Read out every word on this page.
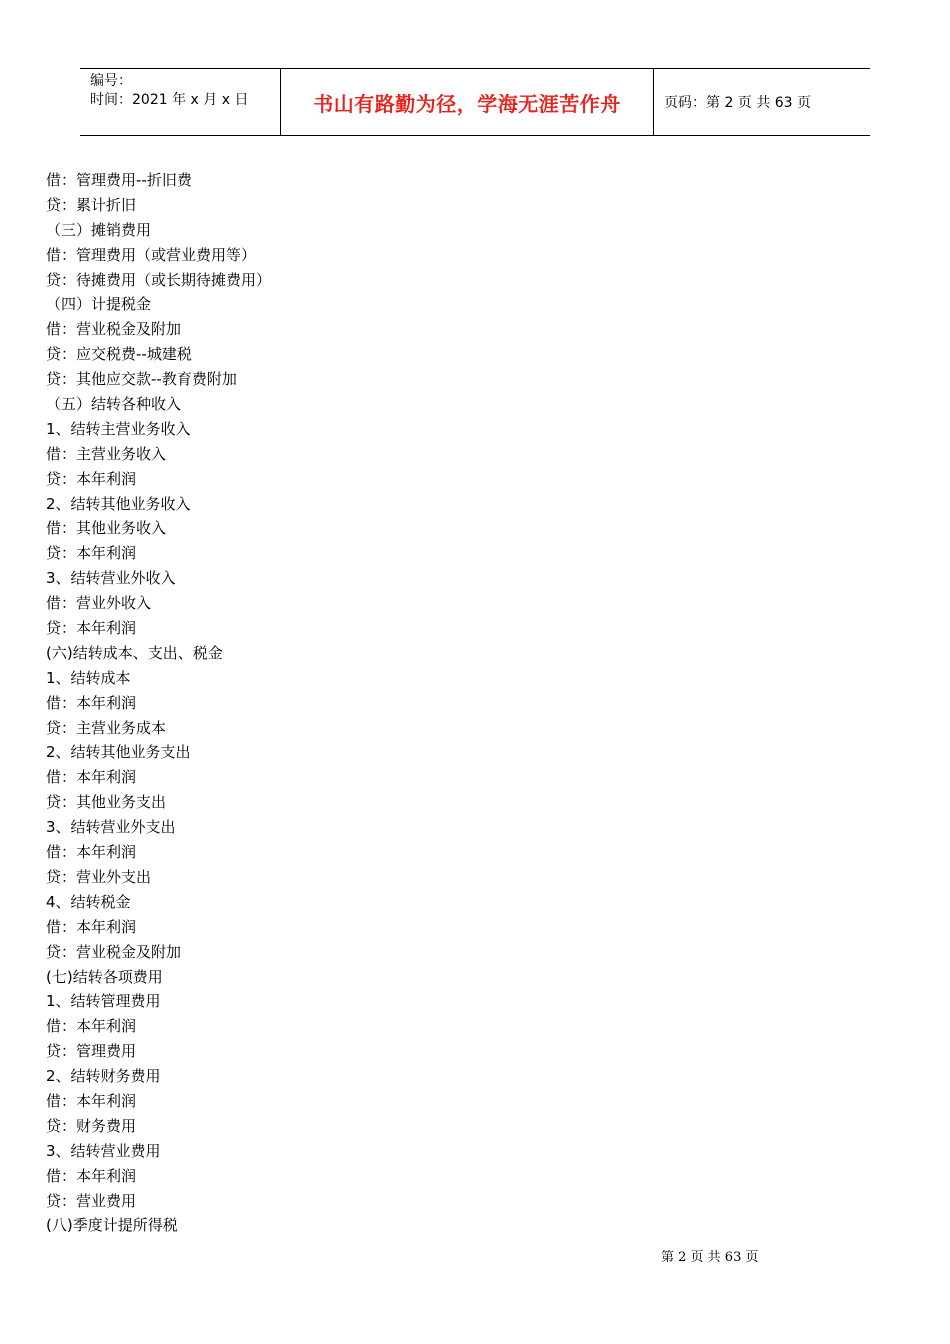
编号：
时间：2021 年 x 月 x 日	书山有路勤为径，学海无涯苦作舟	页码：第 2 页 共 63 页
借：管理费用--折旧费
贷：累计折旧
（三）摊销费用
借：管理费用（或营业费用等）
贷：待摊费用（或长期待摊费用）
（四）计提税金
借：营业税金及附加
贷：应交税费--城建税
贷：其他应交款--教育费附加
（五）结转各种收入
1、结转主营业务收入
借：主营业务收入
贷：本年利润
2、结转其他业务收入
借：其他业务收入
贷：本年利润
3、结转营业外收入
借：营业外收入
贷：本年利润
(六)结转成本、支出、税金
1、结转成本
借：本年利润
贷：主营业务成本
2、结转其他业务支出
借：本年利润
贷：其他业务支出
3、结转营业外支出
借：本年利润
贷：营业外支出
4、结转税金
借：本年利润
贷：营业税金及附加
(七)结转各项费用
1、结转管理费用
借：本年利润
贷：管理费用
2、结转财务费用
借：本年利润
贷：财务费用
3、结转营业费用
借：本年利润
贷：营业费用
(八)季度计提所得税
第 2 页 共 63 页
